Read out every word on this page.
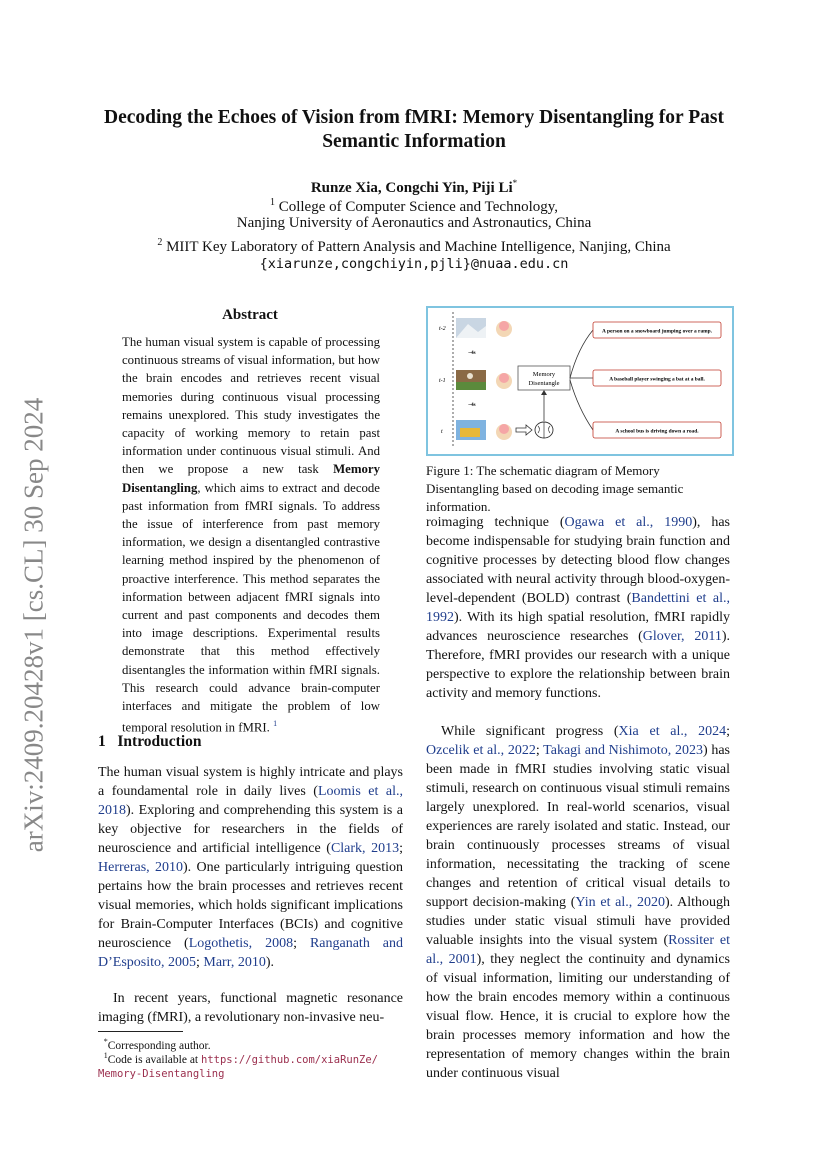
arXiv:2409.20428v1 [cs.CL] 30 Sep 2024
Decoding the Echoes of Vision from fMRI: Memory Disentangling for Past
Semantic Information
Runze Xia, Congchi Yin, Piji Li*
$^1$ College of Computer Science and Technology,
Nanjing University of Aeronautics and Astronautics, China
$^2$ MIIT Key Laboratory of Pattern Analysis and Machine Intelligence, Nanjing, China
{xiarunze,congchiyin,pjli}@nuaa.edu.cn
Abstract
The human visual system is capable of processing continuous streams of visual information, but how the brain encodes and retrieves recent visual memories during continuous visual processing remains unexplored. This study investigates the capacity of working memory to retain past information under continuous visual stimuli. And then we propose a new task Memory Disentangling, which aims to extract and decode past information from fMRI signals. To address the issue of interference from past memory information, we design a disentangled contrastive learning method inspired by the phenomenon of proactive interference. This method separates the information between adjacent fMRI signals into current and past components and decodes them into image descriptions. Experimental results demonstrate that this method effectively disentangles the information within fMRI signals. This research could advance brain-computer interfaces and mitigate the problem of low temporal resolution in fMRI. $^1$
1 Introduction
The human visual system is highly intricate and plays a foundamental role in daily lives (Loomis et al., 2018). Exploring and comprehending this system is a key objective for researchers in the fields of neuroscience and artificial intelligence (Clark, 2013; Herreras, 2010). One particularly intriguing question pertains how the brain processes and retrieves recent visual memories, which holds significant implications for Brain-Computer Interfaces (BCIs) and cognitive neuroscience (Logothetis, 2008; Ranganath and D’Esposito, 2005; Marr, 2010).
In recent years, functional magnetic resonance imaging (fMRI), a revolutionary non-invasive neu-
*Corresponding author.
$^1$Code is available at https://github.com/xiaRunZe/
Memory-Disentangling
t-2
t-1
t
~4s
~4s
Memory
Disentangle
A person on a snowboard jumping over a ramp.
A baseball player swinging a bat at a ball.
A school bus is driving down a road.
Figure 1: The schematic diagram of Memory Disentangling based on decoding image semantic information.
roimaging technique (Ogawa et al., 1990), has become indispensable for studying brain function and cognitive processes by detecting blood flow changes associated with neural activity through blood-oxygen-level-dependent (BOLD) contrast (Bandettini et al., 1992). With its high spatial resolution, fMRI rapidly advances neuroscience researches (Glover, 2011). Therefore, fMRI provides our research with a unique perspective to explore the relationship between brain activity and memory functions.
While significant progress (Xia et al., 2024; Ozcelik et al., 2022; Takagi and Nishimoto, 2023) has been made in fMRI studies involving static visual stimuli, research on continuous visual stimuli remains largely unexplored. In real-world scenarios, visual experiences are rarely isolated and static. Instead, our brain continuously processes streams of visual information, necessitating the tracking of scene changes and retention of critical visual details to support decision-making (Yin et al., 2020). Although studies under static visual stimuli have provided valuable insights into the visual system (Rossiter et al., 2001), they neglect the continuity and dynamics of visual information, limiting our understanding of how the brain encodes memory within a continuous visual flow. Hence, it is crucial to explore how the brain processes memory information and how the representation of memory changes within the brain under continuous visual
